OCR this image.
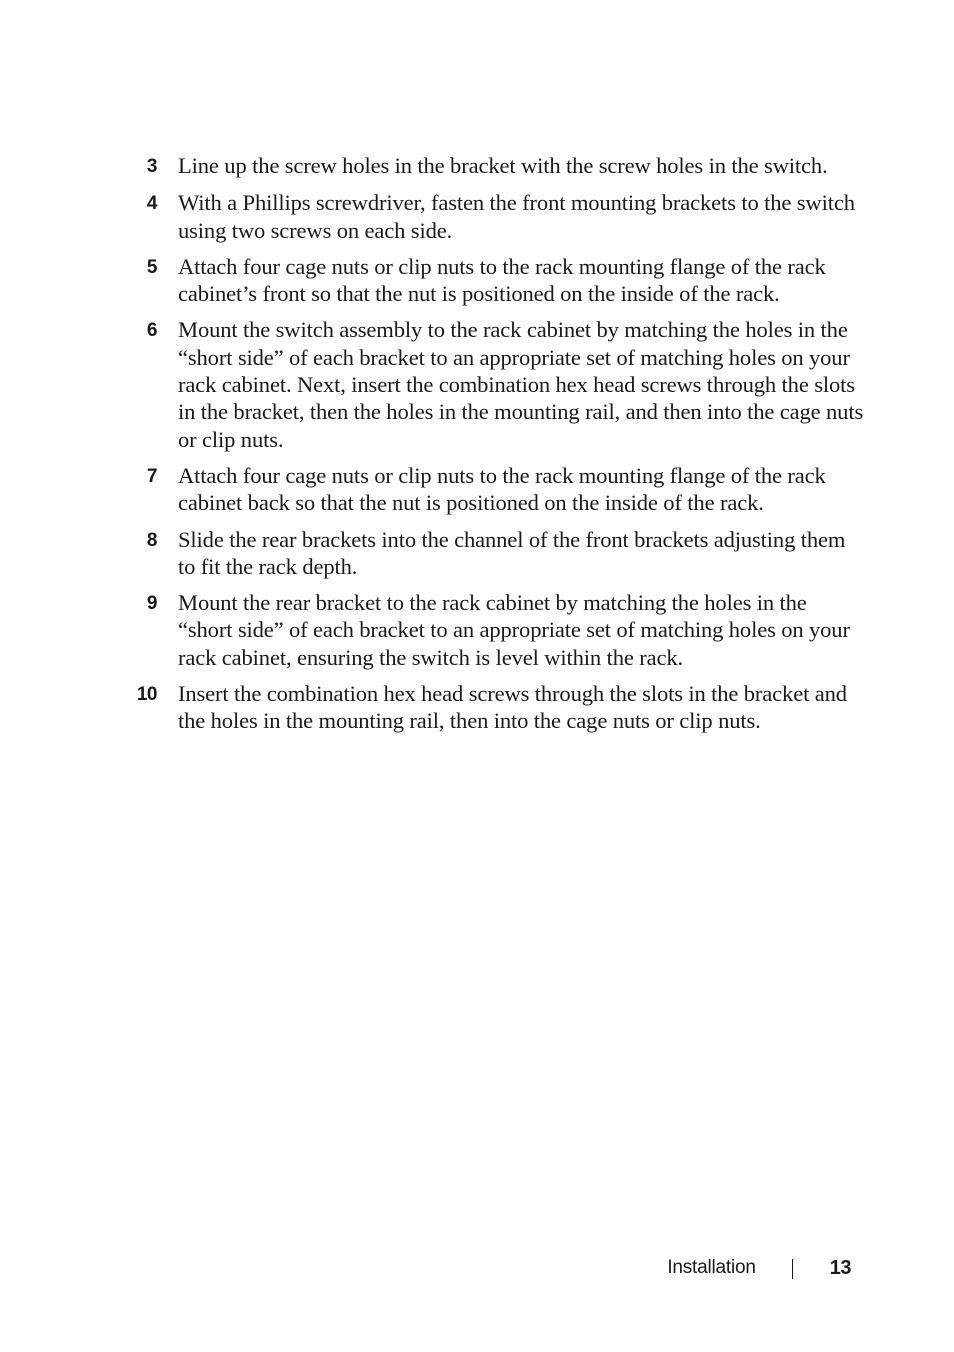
3 Line up the screw holes in the bracket with the screw holes in the switch.
4 With a Phillips screwdriver, fasten the front mounting brackets to the switch using two screws on each side.
5 Attach four cage nuts or clip nuts to the rack mounting flange of the rack cabinet’s front so that the nut is positioned on the inside of the rack.
6 Mount the switch assembly to the rack cabinet by matching the holes in the “short side” of each bracket to an appropriate set of matching holes on your rack cabinet. Next, insert the combination hex head screws through the slots in the bracket, then the holes in the mounting rail, and then into the cage nuts or clip nuts.
7 Attach four cage nuts or clip nuts to the rack mounting flange of the rack cabinet back so that the nut is positioned on the inside of the rack.
8 Slide the rear brackets into the channel of the front brackets adjusting them to fit the rack depth.
9 Mount the rear bracket to the rack cabinet by matching the holes in the “short side” of each bracket to an appropriate set of matching holes on your rack cabinet, ensuring the switch is level within the rack.
10 Insert the combination hex head screws through the slots in the bracket and the holes in the mounting rail, then into the cage nuts or clip nuts.
Installation	13
